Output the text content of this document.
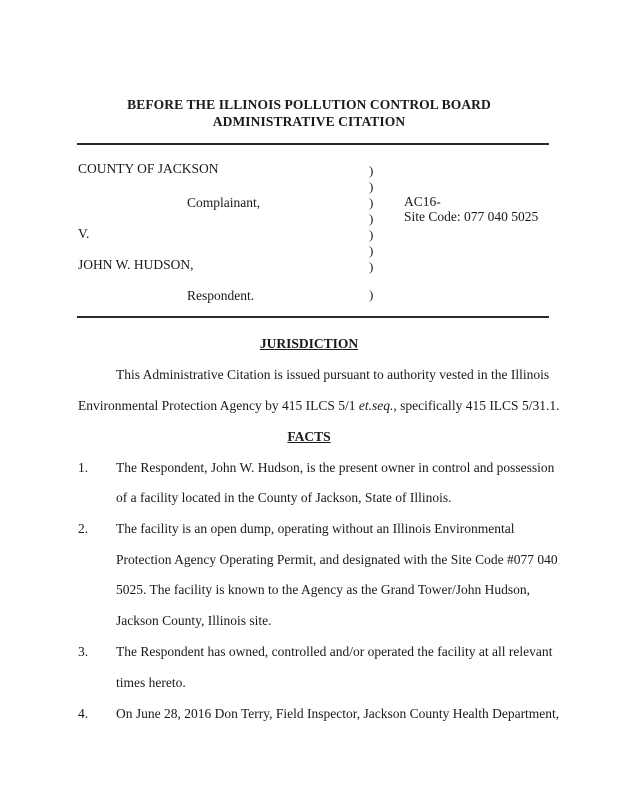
BEFORE THE ILLINOIS POLLUTION CONTROL BOARD
ADMINISTRATIVE CITATION
COUNTY OF JACKSON
Complainant,
V.
JOHN W. HUDSON,
Respondent.
)
)
)
)
)
)
)
)
AC16-
Site Code: 077 040 5025
JURISDICTION
This Administrative Citation is issued pursuant to authority vested in the Illinois
Environmental Protection Agency by 415 ILCS 5/1 et.seq., specifically 415 ILCS 5/31.1.
FACTS
1. The Respondent, John W. Hudson, is the present owner in control and possession
of a facility located in the County of Jackson, State of Illinois.
2. The facility is an open dump, operating without an Illinois Environmental
Protection Agency Operating Permit, and designated with the Site Code #077 040
5025. The facility is known to the Agency as the Grand Tower/John Hudson,
Jackson County, Illinois site.
3. The Respondent has owned, controlled and/or operated the facility at all relevant
times hereto.
4. On June 28, 2016 Don Terry, Field Inspector, Jackson County Health Department,
